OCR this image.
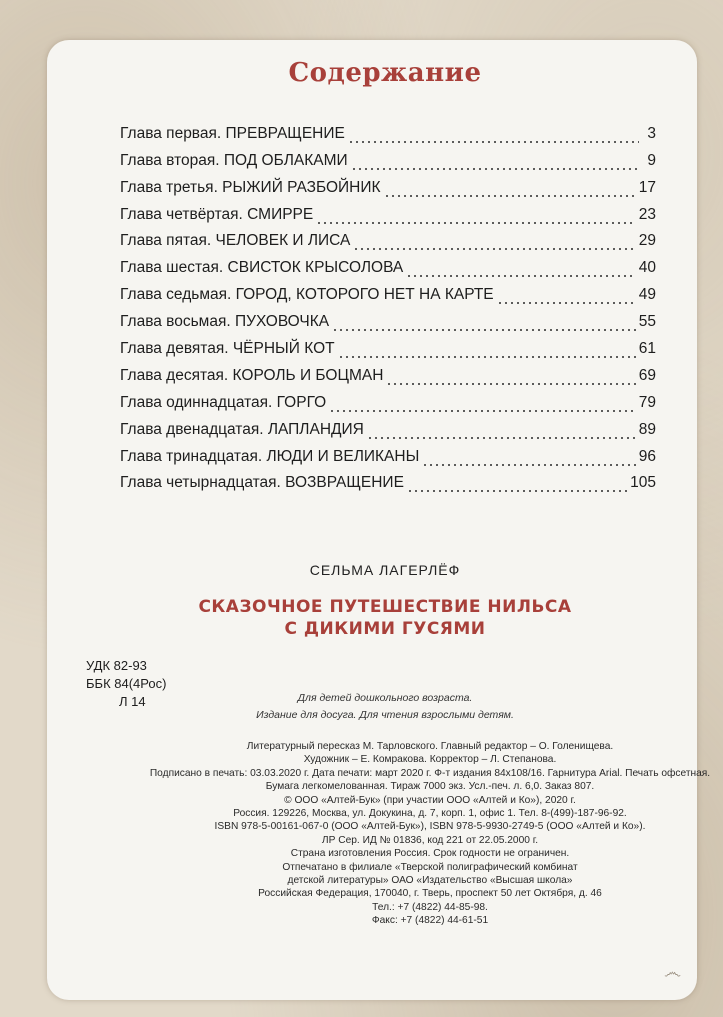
Содержание
Глава первая. ПРЕВРАЩЕНИЕ	3
Глава вторая. ПОД ОБЛАКАМИ	9
Глава третья. РЫЖИЙ РАЗБОЙНИК	17
Глава четвёртая. СМИРРЕ	23
Глава пятая. ЧЕЛОВЕК И ЛИСА	29
Глава шестая. СВИСТОК КРЫСОЛОВА	40
Глава седьмая. ГОРОД, КОТОРОГО НЕТ НА КАРТЕ	49
Глава восьмая. ПУХОВОЧКА	55
Глава девятая. ЧЁРНЫЙ КОТ	61
Глава десятая. КОРОЛЬ И БОЦМАН	69
Глава одиннадцатая. ГОРГО	79
Глава двенадцатая. ЛАПЛАНДИЯ	89
Глава тринадцатая. ЛЮДИ И ВЕЛИКАНЫ	96
Глава четырнадцатая. ВОЗВРАЩЕНИЕ	105
СЕЛЬМА ЛАГЕРЛЁФ
СКАЗОЧНОЕ ПУТЕШЕСТВИЕ НИЛЬСА
С ДИКИМИ ГУСЯМИ
УДК 82-93
ББК 84(4Рос)
Л 14	Для детей дошкольного возраста.
Издание для досуга. Для чтения взрослыми детям.
Литературный пересказ М. Тарловского. Главный редактор – О. Голенищева.
Художник – Е. Комракова. Корректор – Л. Степанова.
Подписано в печать: 03.03.2020 г. Дата печати: март 2020 г. Ф-т издания 84х108/16. Гарнитура Arial. Печать офсетная.
Бумага легкомелованная. Тираж 7000 экз. Усл.-печ. л. 6,0. Заказ 807.
© ООО «Алтей-Бук» (при участии ООО «Алтей и Ко»), 2020 г.
Россия. 129226, Москва, ул. Докукина, д. 7, корп. 1, офис 1. Тел. 8-(499)-187-96-92.
ISBN 978-5-00161-067-0 (ООО «Алтей-Бук»), ISBN 978-5-9930-2749-5 (ООО «Алтей и Ко»).
ЛР Сер. ИД № 01836, код 221 от 22.05.2000 г.
Страна изготовления Россия. Срок годности не ограничен.
Отпечатано в филиале «Тверской полиграфический комбинат
детской литературы» ОАО «Издательство «Высшая школа»
Российская Федерация, 170040, г. Тверь, проспект 50 лет Октября, д. 46
Тел.: +7 (4822) 44-85-98.
Факс: +7 (4822) 44-61-51
෴
